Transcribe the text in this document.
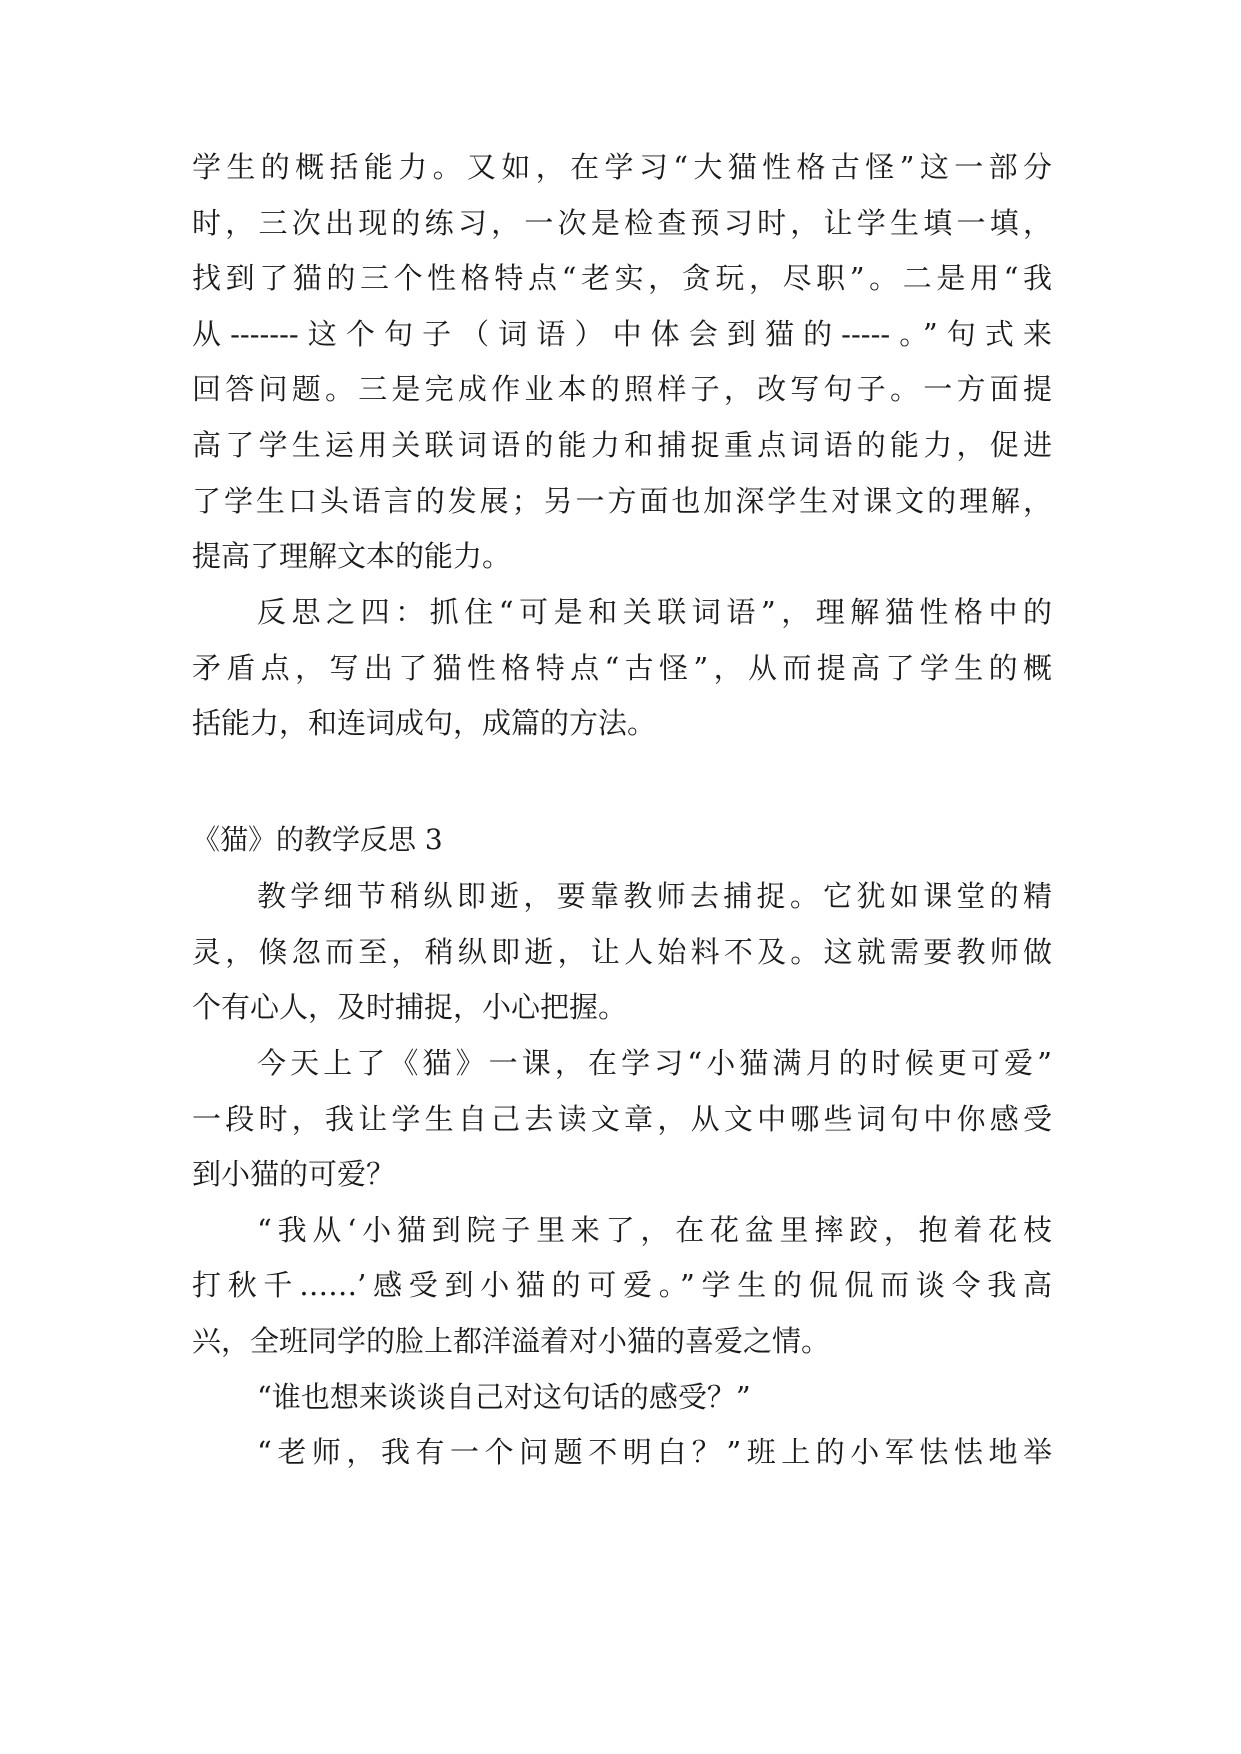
学生的概括能力。又如，在学习“大猫性格古怪”这一部分
时，三次出现的练习，一次是检查预习时，让学生填一填，
找到了猫的三个性格特点“老实，贪玩，尽职”。二是用“我
从-------这个句子（词语）中体会到猫的-----。”句式来
回答问题。三是完成作业本的照样子，改写句子。一方面提
高了学生运用关联词语的能力和捕捉重点词语的能力，促进
了学生口头语言的发展；另一方面也加深学生对课文的理解，
提高了理解文本的能力。
反思之四：抓住“可是和关联词语”，理解猫性格中的
矛盾点，写出了猫性格特点“古怪”，从而提高了学生的概
括能力，和连词成句，成篇的方法。
《猫》的教学反思 3
教学细节稍纵即逝，要靠教师去捕捉。它犹如课堂的精
灵，倏忽而至，稍纵即逝，让人始料不及。这就需要教师做
个有心人，及时捕捉，小心把握。
今天上了《猫》一课，在学习“小猫满月的时候更可爱”
一段时，我让学生自己去读文章，从文中哪些词句中你感受
到小猫的可爱？
“我从‘小猫到院子里来了，在花盆里摔跤，抱着花枝
打秋千……’感受到小猫的可爱。”学生的侃侃而谈令我高
兴，全班同学的脸上都洋溢着对小猫的喜爱之情。
“谁也想来谈谈自己对这句话的感受？”
“老师，我有一个问题不明白？”班上的小军怯怯地举
